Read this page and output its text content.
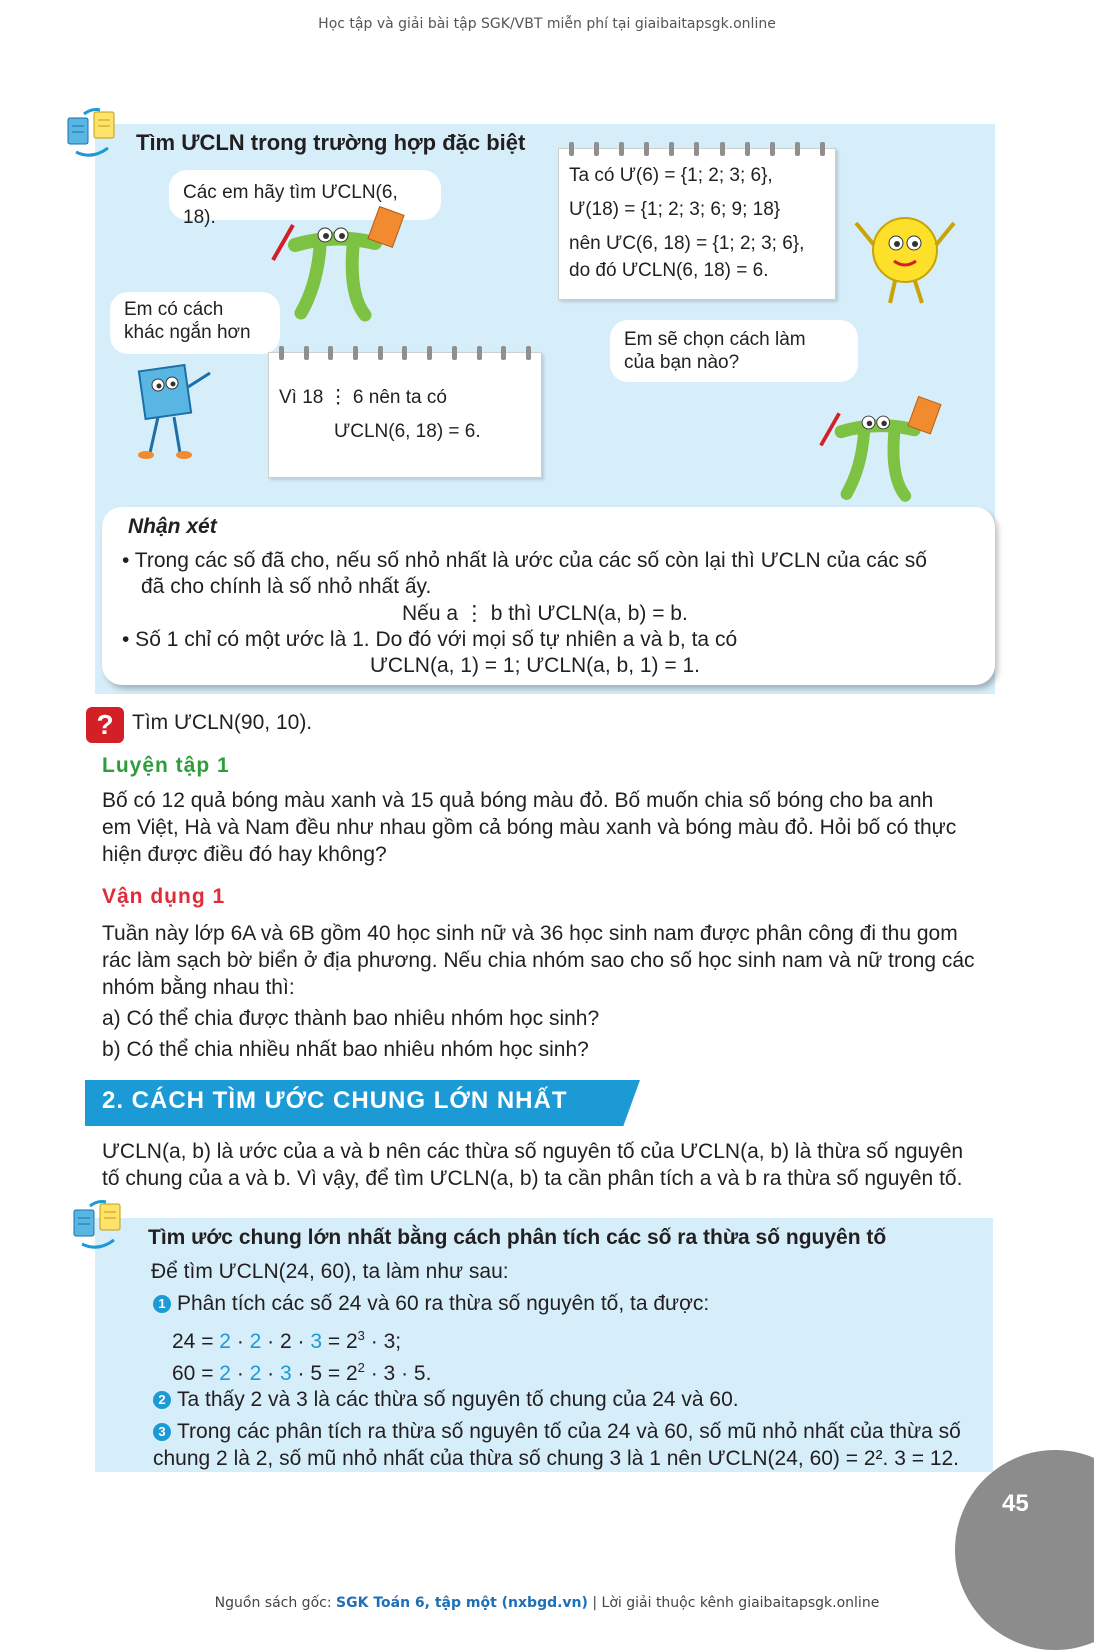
Học tập và giải bài tập SGK/VBT miễn phí tại giaibaitapsgk.online
Tìm ƯCLN trong trường hợp đặc biệt
Các em hãy tìm ƯCLN(6, 18).
Em có cách
khác ngắn hơn	Em sẽ chọn cách làm
của bạn nào?
Ta có Ư(6) = {1; 2; 3; 6},
Ư(18) = {1; 2; 3; 6; 9; 18}
nên ƯC(6, 18) = {1; 2; 3; 6},
do đó ƯCLN(6, 18) = 6.
Vì 18 ⋮ 6 nên ta có
ƯCLN(6, 18) = 6.
Nhận xét
• Trong các số đã cho, nếu số nhỏ nhất là ước của các số còn lại thì ƯCLN của các số
đã cho chính là số nhỏ nhất ấy.
Nếu a ⋮ b thì ƯCLN(a, b) = b.
• Số 1 chỉ có một ước là 1. Do đó với mọi số tự nhiên a và b, ta có
ƯCLN(a, 1) = 1; ƯCLN(a, b, 1) = 1.
? Tìm ƯCLN(90, 10).
Luyện tập 1
Bố có 12 quả bóng màu xanh và 15 quả bóng màu đỏ. Bố muốn chia số bóng cho ba anh
em Việt, Hà và Nam đều như nhau gồm cả bóng màu xanh và bóng màu đỏ. Hỏi bố có thực
hiện được điều đó hay không?
Vận dụng 1
Tuần này lớp 6A và 6B gồm 40 học sinh nữ và 36 học sinh nam được phân công đi thu gom
rác làm sạch bờ biển ở địa phương. Nếu chia nhóm sao cho số học sinh nam và nữ trong các
nhóm bằng nhau thì:
a) Có thể chia được thành bao nhiêu nhóm học sinh?
b) Có thể chia nhiều nhất bao nhiêu nhóm học sinh?
2. CÁCH TÌM ƯỚC CHUNG LỚN NHẤT
ƯCLN(a, b) là ước của a và b nên các thừa số nguyên tố của ƯCLN(a, b) là thừa số nguyên
tố chung của a và b. Vì vậy, để tìm ƯCLN(a, b) ta cần phân tích a và b ra thừa số nguyên tố.
Tìm ước chung lớn nhất bằng cách phân tích các số ra thừa số nguyên tố
Để tìm ƯCLN(24, 60), ta làm như sau:
1 Phân tích các số 24 và 60 ra thừa số nguyên tố, ta được:
$24 = 2 \cdot 2 \cdot 2 \cdot 3 = 2^3 \cdot 3$;
$60 = 2 \cdot 2 \cdot 3 \cdot 5 = 2^2 \cdot 3 \cdot 5$.
2 Ta thấy 2 và 3 là các thừa số nguyên tố chung của 24 và 60.
3 Trong các phân tích ra thừa số nguyên tố của 24 và 60, số mũ nhỏ nhất của thừa số
chung 2 là 2, số mũ nhỏ nhất của thừa số chung 3 là 1 nên ƯCLN(24, 60) = 2². 3 = 12.
45
Nguồn sách gốc: SGK Toán 6, tập một (nxbgd.vn) | Lời giải thuộc kênh giaibaitapsgk.online
